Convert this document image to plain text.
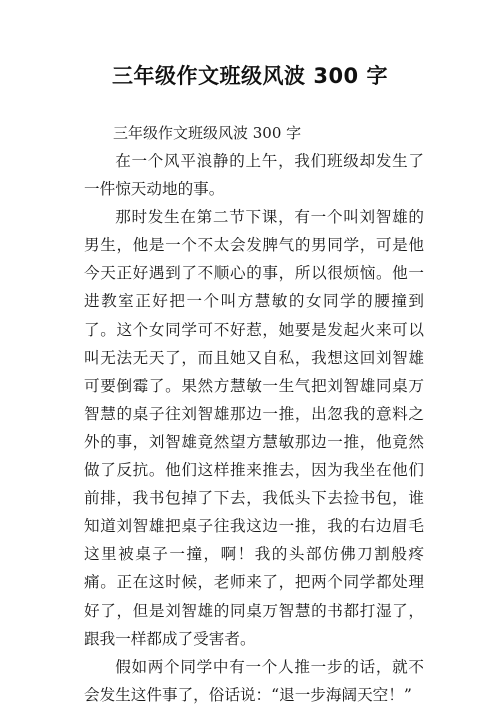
三年级作文班级风波 300 字
三年级作文班级风波 300 字

在一个风平浪静的上午，我们班级却发生了一件惊天动地的事。

那时发生在第二节下课，有一个叫刘智雄的男生，他是一个不太会发脾气的男同学，可是他今天正好遇到了不顺心的事，所以很烦恼。他一进教室正好把一个叫方慧敏的女同学的腰撞到了。这个女同学可不好惹，她要是发起火来可以叫无法无天了，而且她又自私，我想这回刘智雄可要倒霉了。果然方慧敏一生气把刘智雄同桌万智慧的桌子往刘智雄那边一推，出忽我的意料之外的事，刘智雄竟然望方慧敏那边一推，他竟然做了反抗。他们这样推来推去，因为我坐在他们前排，我书包掉了下去，我低头下去捡书包，谁知道刘智雄把桌子往我这边一推，我的右边眉毛这里被桌子一撞，啊！我的头部仿佛刀割般疼痛。正在这时候，老师来了，把两个同学都处理好了，但是刘智雄的同桌万智慧的书都打湿了，跟我一样都成了受害者。

假如两个同学中有一个人推一步的话，就不会发生这件事了，俗话说：“退一步海阔天空！”
